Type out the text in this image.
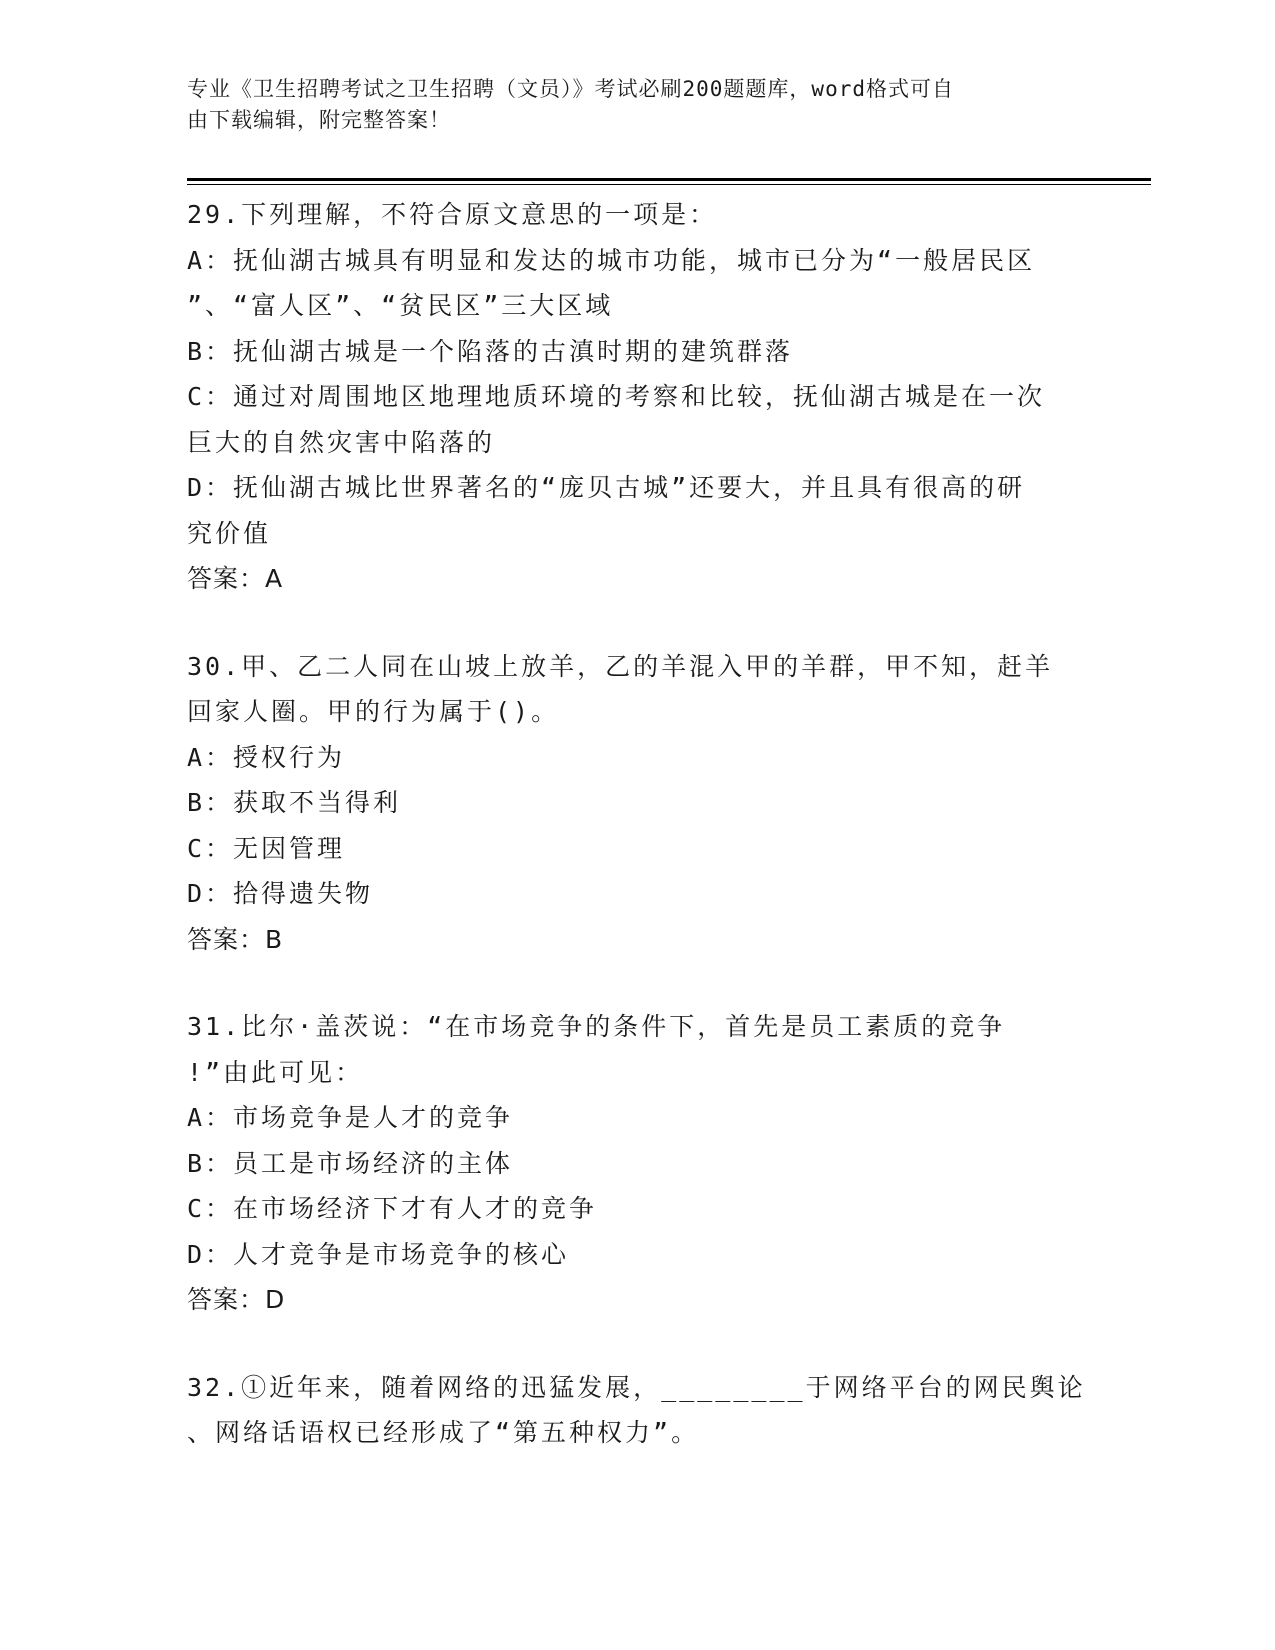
专业《卫生招聘考试之卫生招聘（文员）》考试必刷200题题库，word格式可自
由下载编辑，附完整答案！
29.下列理解，不符合原文意思的一项是：
A：抚仙湖古城具有明显和发达的城市功能，城市已分为“一般居民区
”、“富人区”、“贫民区”三大区域
B：抚仙湖古城是一个陷落的古滇时期的建筑群落
C：通过对周围地区地理地质环境的考察和比较，抚仙湖古城是在一次
巨大的自然灾害中陷落的
D：抚仙湖古城比世界著名的“庞贝古城”还要大，并且具有很高的研
究价值
答案：A
30.甲、乙二人同在山坡上放羊，乙的羊混入甲的羊群，甲不知，赶羊
回家人圈。甲的行为属于()。
A：授权行为
B：获取不当得利
C：无因管理
D：拾得遗失物
答案：B
31.比尔·盖茨说：“在市场竞争的条件下，首先是员工素质的竞争
!”由此可见：
A：市场竞争是人才的竞争
B：员工是市场经济的主体
C：在市场经济下才有人才的竞争
D：人才竞争是市场竞争的核心
答案：D
32.①近年来，随着网络的迅猛发展，________于网络平台的网民舆论
、网络话语权已经形成了“第五种权力”。
